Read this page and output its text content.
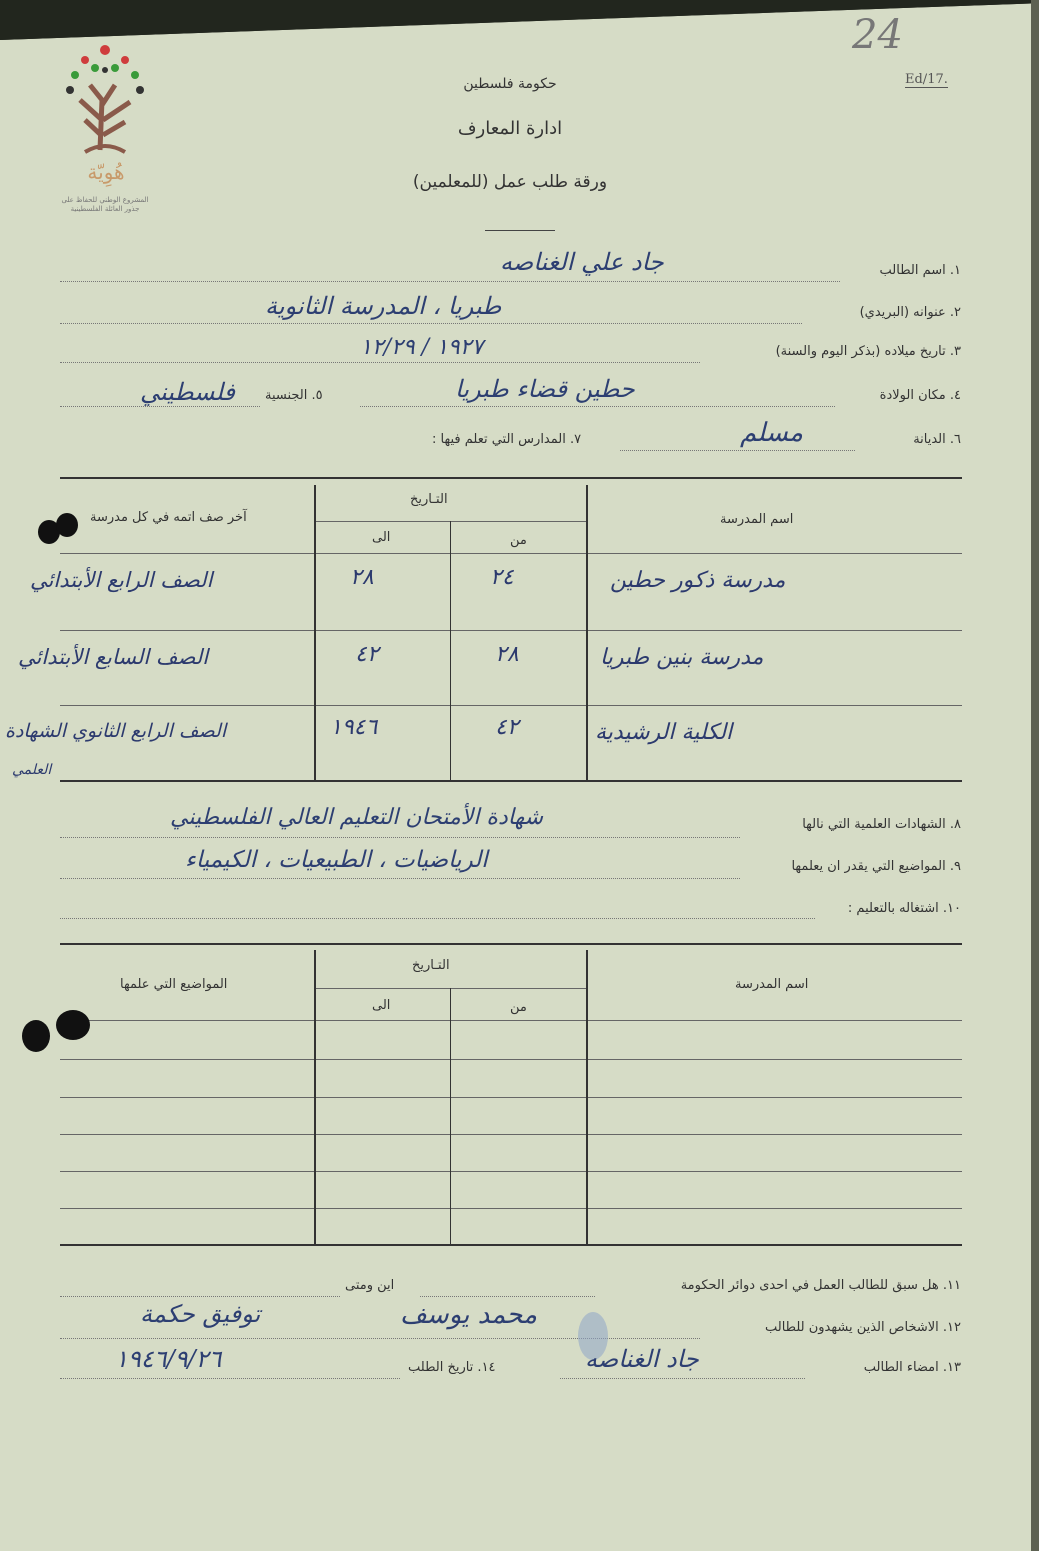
هُوِيّة
المشروع الوطني للحفاظ على
جذور العائلة الفلسطينية
حكومة فلسطين
ادارة المعارف
ورقة طلب عمل (للمعلمين)
Ed/17.
24
١. اسم الطالب
جاد علي الغناصه
٢. عنوانه (البريدي)
طبريا ، المدرسة الثانوية
٣. تاريخ ميلاده (بذكر اليوم والسنة)
١٩٢٧ / ١٢/٢٩
٤. مكان الولادة
حطين قضاء طبريا
٥. الجنسية
فلسطيني
٦. الديانة
مسلم
٧. المدارس التي تعلم فيها :
اسم المدرسة
التـاريخ
من
الى
آخر صف اتمه في كل مدرسة
مدرسة ذكور حطين
٢٤
٢٨
الصف الرابع الأبتدائي
مدرسة بنين طبريا
٢٨
٤٢
الصف السابع الأبتدائي
الكلية الرشيدية
٤٢
١٩٤٦
الصف الرابع الثانوي الشهادة
العلمي
٨. الشهادات العلمية التي نالها
شهادة الأمتحان التعليم العالي الفلسطيني
٩. المواضيع التي يقدر ان يعلمها
الرياضيات ، الطبيعيات ، الكيمياء
١٠. اشتغاله بالتعليم :
اسم المدرسة
التـاريخ
من
الى
المواضيع التي علمها
١١. هل سبق للطالب العمل في احدى دوائر الحكومة
اين ومتى
١٢. الاشخاص الذين يشهدون للطالب
محمد يوسف
توفيق حكمة
١٣. امضاء الطالب
جاد الغناصه
١٤. تاريخ الطلب
١٩٤٦/٩/٢٦
